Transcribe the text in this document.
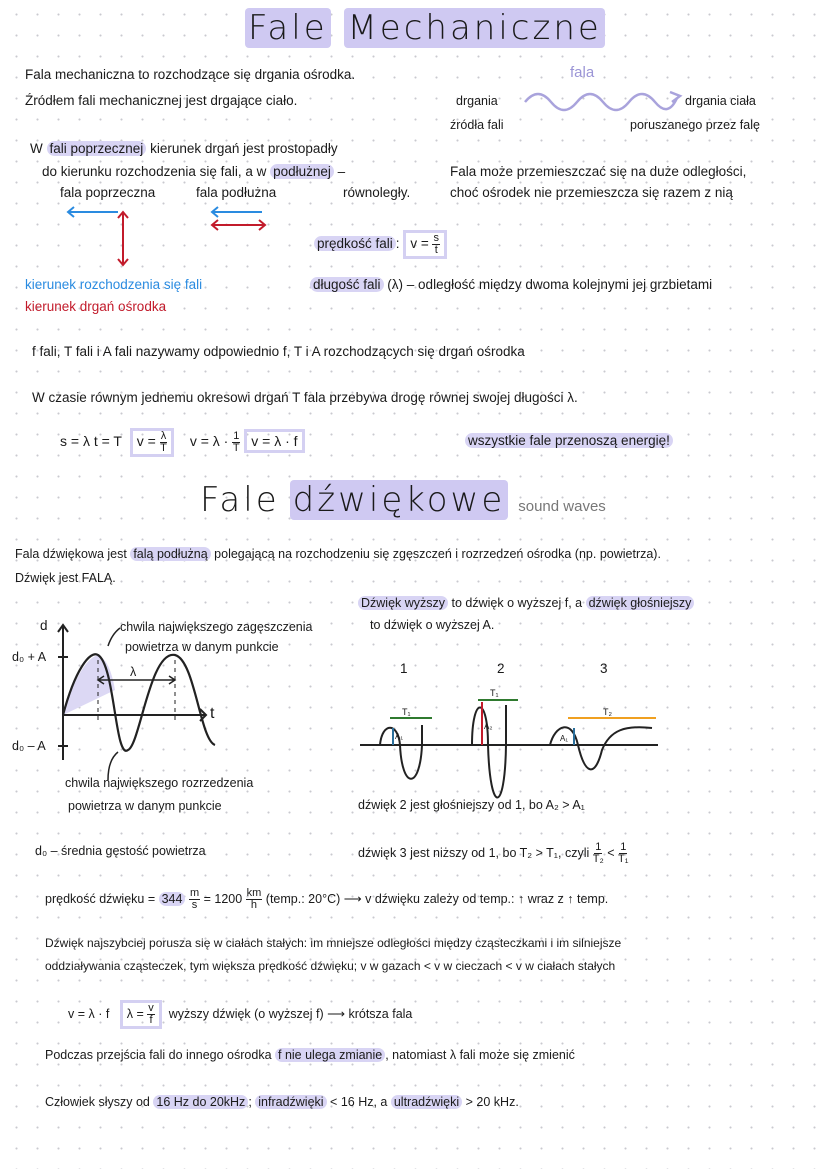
Fale Mechaniczne
Fala mechaniczna to rozchodzące się drgania ośrodka.
Źródłem fali mechanicznej jest drgające ciało.
fala
drgania
źródła fali
drgania ciała
poruszanego przez falę
W fali poprzecznej kierunek drgań jest prostopadły
do kierunku rozchodzenia się fali, a w podłużnej –
fala poprzeczna	fala podłużna	równoległy.
Fala może przemieszczać się na duże odległości,
choć ośrodek nie przemieszcza się razem z nią
prędkość fali : $v = \frac{s}{t}$
kierunek rozchodzenia się fali
kierunek drgań ośrodka
długość fali (λ) – odległość między dwoma kolejnymi jej grzbietami
f fali, T fali i A fali nazywamy odpowiednio f, T i A rozchodzących się drgań ośrodka
W czasie równym jednemu okresowi drgań T fala przebywa drogę równej swojej długości λ.
s = λ t = T $v = \frac{\lambda}{T}$ $v = \lambda \cdot \frac{1}{T}$ v = λ · f	wszystkie fale przenoszą energię!
Fale dźwiękowe sound waves
Fala dźwiękowa jest falą podłużną polegającą na rozchodzeniu się zgęszczeń i rozrzedzeń ośrodka (np. powietrza).
Dźwięk jest FALĄ.
Dźwięk wyższy to dźwięk o wyższej f, a dźwięk głośniejszy
to dźwięk o wyższej A.
d
t
d₀ + A
d₀ – A
λ
chwila największego zagęszczenia
powietrza w danym punkcie
chwila największego rozrzedzenia
powietrza w danym punkcie
d₀ – średnia gęstość powietrza
1	2	3
T₁
T₁
T₂
A₁
A₂
A₁
dźwięk 2 jest głośniejszy od 1, bo A₂ > A₁
dźwięk 3 jest niższy od 1, bo T₂ > T₁, czyli $\frac{1}{\text{T₂}} < \frac{1}{\text{T₁}}$
prędkość dźwięku = $344 \frac{m}{s} = 1200 \frac{km}{h}$ (temp.: 20°C) ⟶ v dźwięku zależy od temp.: ↑ wraz z ↑ temp.
Dźwięk najszybciej porusza się w ciałach stałych: im mniejsze odległości między cząsteczkami i im silniejsze
oddziaływania cząsteczek, tym większa prędkość dźwięku; v w gazach < v w cieczach < v w ciałach stałych
v = λ · f $\lambda = \frac{v}{f}$ wyższy dźwięk (o wyższej f) ⟶ krótsza fala
Podczas przejścia fali do innego ośrodka f nie ulega zmianie , natomiast λ fali może się zmienić
Człowiek słyszy od 16 Hz do 20kHz ; infradźwięki < 16 Hz, a ultradźwięki > 20 kHz.
